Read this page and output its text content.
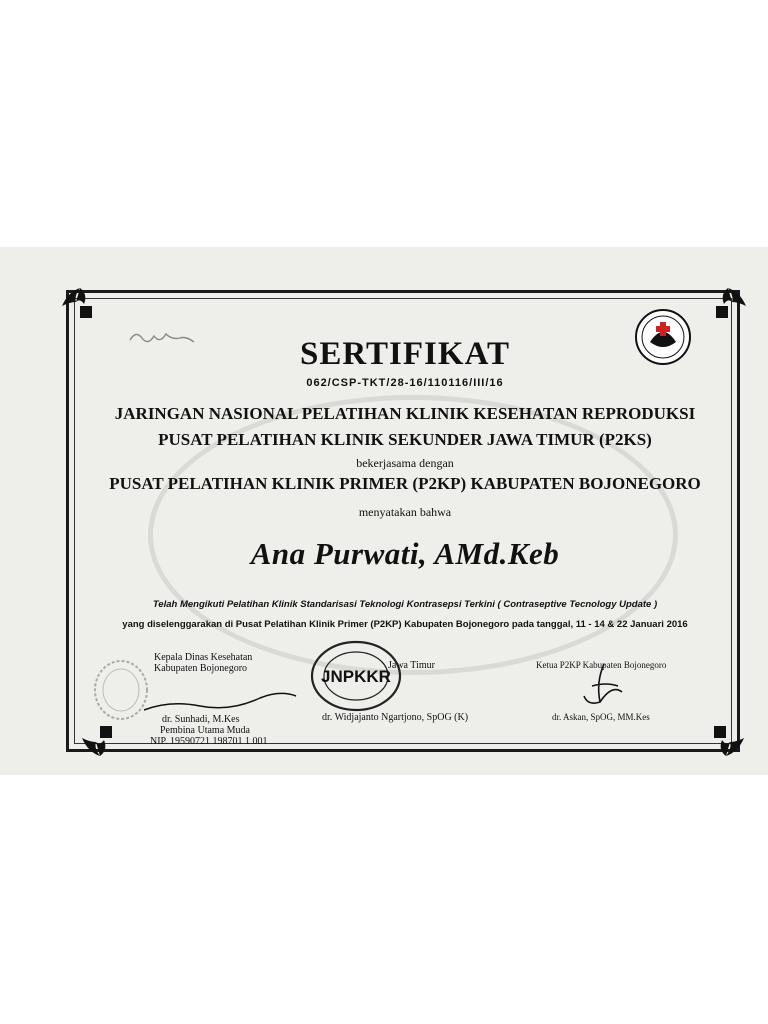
SERTIFIKAT
062/CSP-TKT/28-16/110116/III/16
JARINGAN NASIONAL PELATIHAN KLINIK KESEHATAN REPRODUKSI
PUSAT PELATIHAN KLINIK SEKUNDER JAWA TIMUR (P2KS)
bekerjasama dengan
PUSAT PELATIHAN KLINIK PRIMER (P2KP) KABUPATEN BOJONEGORO
menyatakan bahwa
Ana Purwati, AMd.Keb
Telah Mengikuti Pelatihan Klinik Standarisasi Teknologi Kontrasepsi Terkini ( Contraseptive Tecnology Update )
yang diselenggarakan di Pusat Pelatihan Klinik Primer (P2KP) Kabupaten Bojonegoro pada tanggal, 11 - 14 & 22 Januari 2016
JNPKKR
Kepala Dinas Kesehatan Kabupaten Bojonegoro
dr. Sunhadi, M.Kes
Pembina Utama Muda
NIP. 19590721 198701 1 001
Jawa Timur
dr. Widjajanto Ngartjono, SpOG (K)
Ketua P2KP Kabupaten Bojonegoro
dr. Askan, SpOG, MM.Kes
